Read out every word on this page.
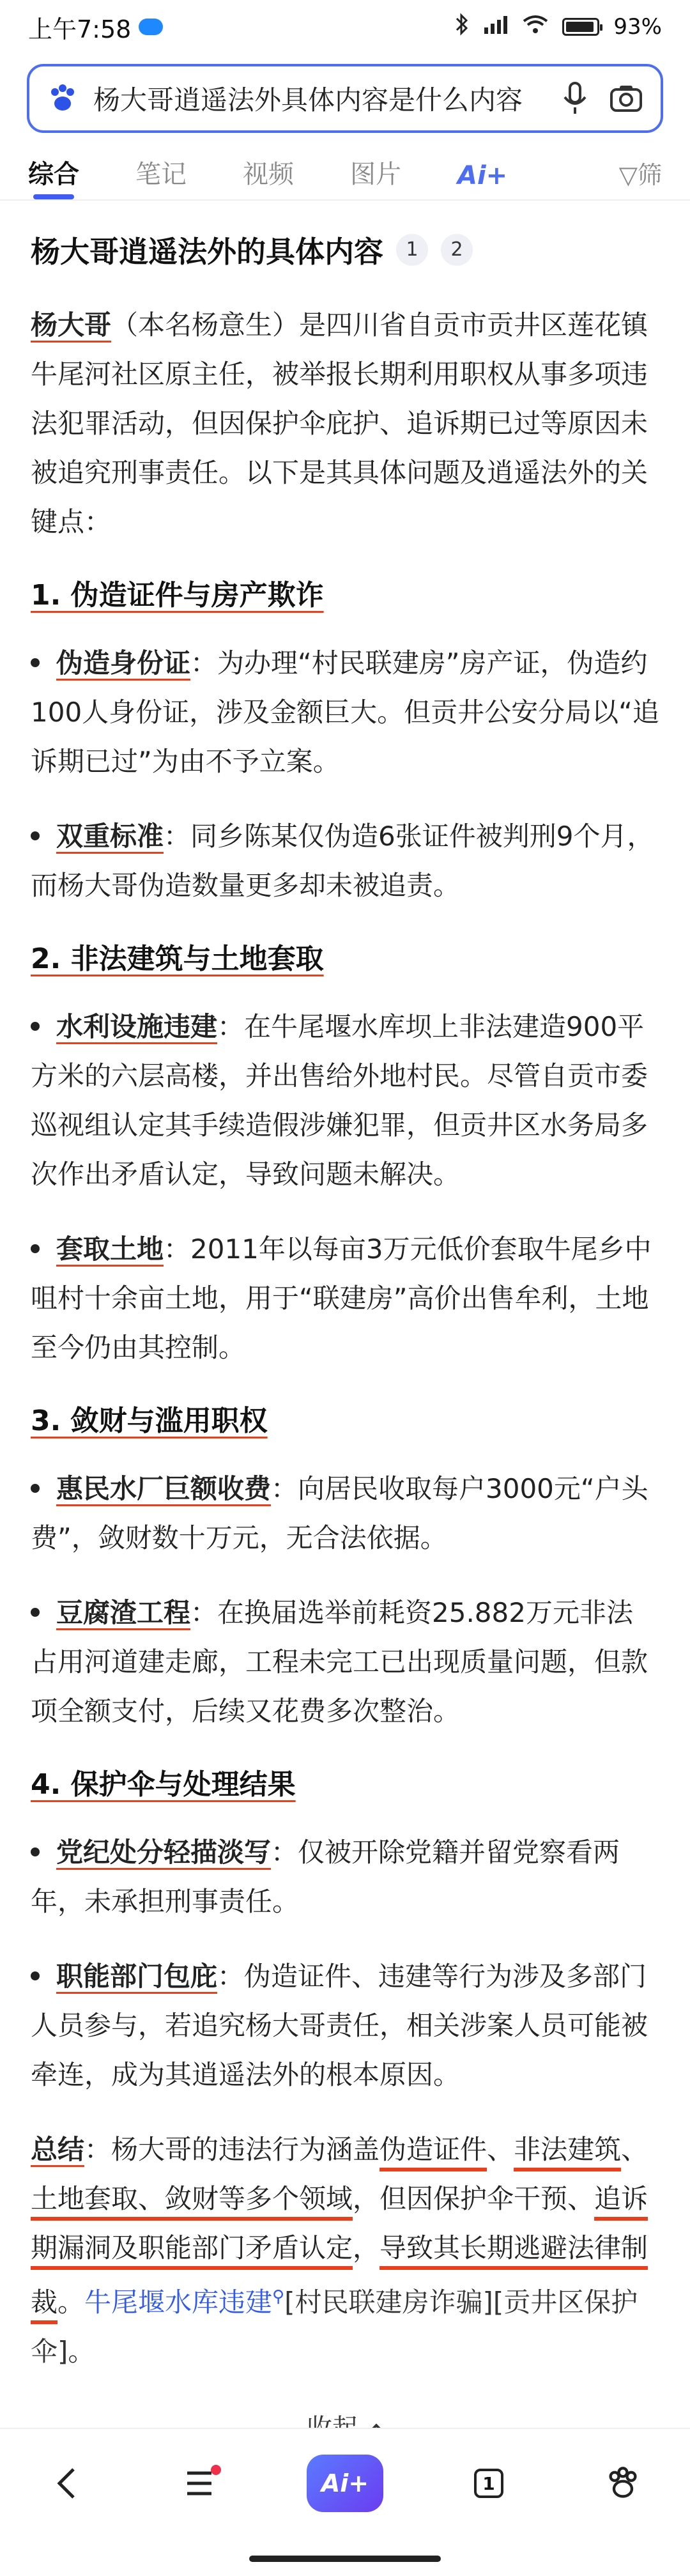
上午7:58	93%
杨大哥逍遥法外具体内容是什么内容
综合 笔记 视频 图片 Ai+	▽筛
杨大哥逍遥法外的具体内容	1	2

杨大哥（本名杨意生）是四川省自贡市贡井区莲花镇牛尾河社区原主任，被举报长期利用职权从事多项违法犯罪活动，但因保护伞庇护、追诉期已过等原因未被追究刑事责任。以下是其具体问题及逍遥法外的关键点：

1. 伪造证件与房产欺诈
伪造身份证：为办理“村民联建房”房产证，伪造约100人身份证，涉及金额巨大。但贡井公安分局以“追诉期已过”为由不予立案。
双重标准：同乡陈某仅伪造6张证件被判刑9个月，而杨大哥伪造数量更多却未被追责。
2. 非法建筑与土地套取
水利设施违建：在牛尾堰水库坝上非法建造900平方米的六层高楼，并出售给外地村民。尽管自贡市委巡视组认定其手续造假涉嫌犯罪，但贡井区水务局多次作出矛盾认定，导致问题未解决。
套取土地：2011年以每亩3万元低价套取牛尾乡中咀村十余亩土地，用于“联建房”高价出售牟利，土地至今仍由其控制。
3. 敛财与滥用职权
惠民水厂巨额收费：向居民收取每户3000元“户头费”，敛财数十万元，无合法依据。
豆腐渣工程：在换届选举前耗资25.882万元非法占用河道建走廊，工程未完工已出现质量问题，但款项全额支付，后续又花费多次整治。
4. 保护伞与处理结果
党纪处分轻描淡写：仅被开除党籍并留党察看两年，未承担刑事责任。
职能部门包庇：伪造证件、违建等行为涉及多部门人员参与，若追究杨大哥责任，相关涉案人员可能被牵连，成为其逍遥法外的根本原因。

总结：杨大哥的违法行为涵盖伪造证件、非法建筑、土地套取、敛财等多个领域，但因保护伞干预、追诉期漏洞及职能部门矛盾认定，导致其长期逃避法律制裁。牛尾堰水库违建⚲[村民联建房诈骗][贡井区保护伞]。

Ai+	1
